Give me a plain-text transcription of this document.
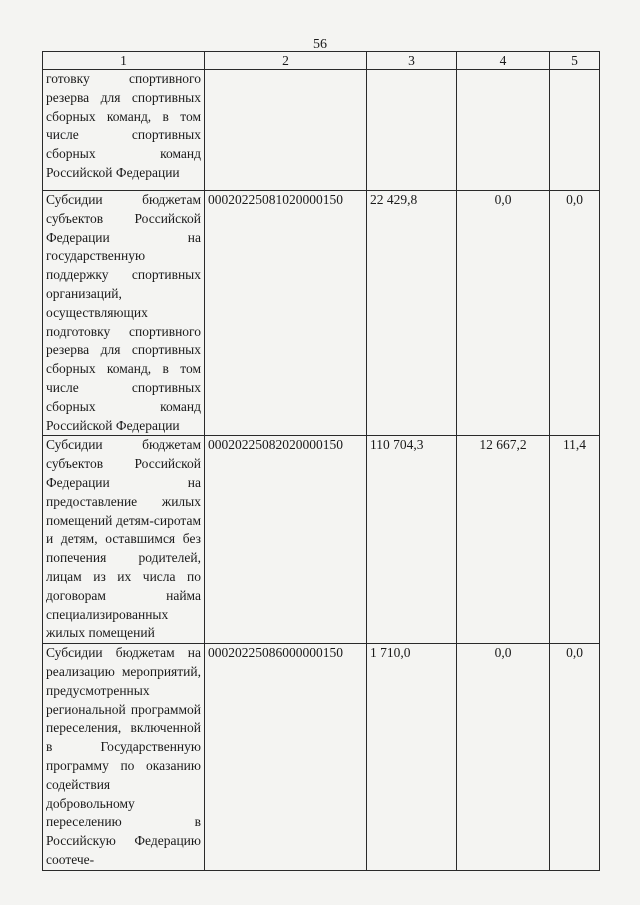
56
1	2	3	4	5
готовку спортивного резерва для спортивных сборных команд, в том числе спортивных сборных команд Российской Федерации				
Субсидии бюджетам субъектов Российской Федерации на государственную поддержку спортивных организаций, осуществляющих подготовку спортивного резерва для спортивных сборных команд, в том числе спортивных сборных команд Российской Федерации	00020225081020000150	22 429,8	0,0	0,0
Субсидии бюджетам субъектов Российской Федерации на предоставление жилых помещений детям-сиротам и детям, оставшимся без попечения родителей, лицам из их числа по договорам найма специализированных жилых помещений	00020225082020000150	110 704,3	12 667,2	11,4
Субсидии бюджетам на реализацию мероприятий, предусмотренных региональной программой переселения, включенной в Государственную программу по оказанию содействия добровольному переселению в Российскую Федерацию соотече-	00020225086000000150	1 710,0	0,0	0,0
